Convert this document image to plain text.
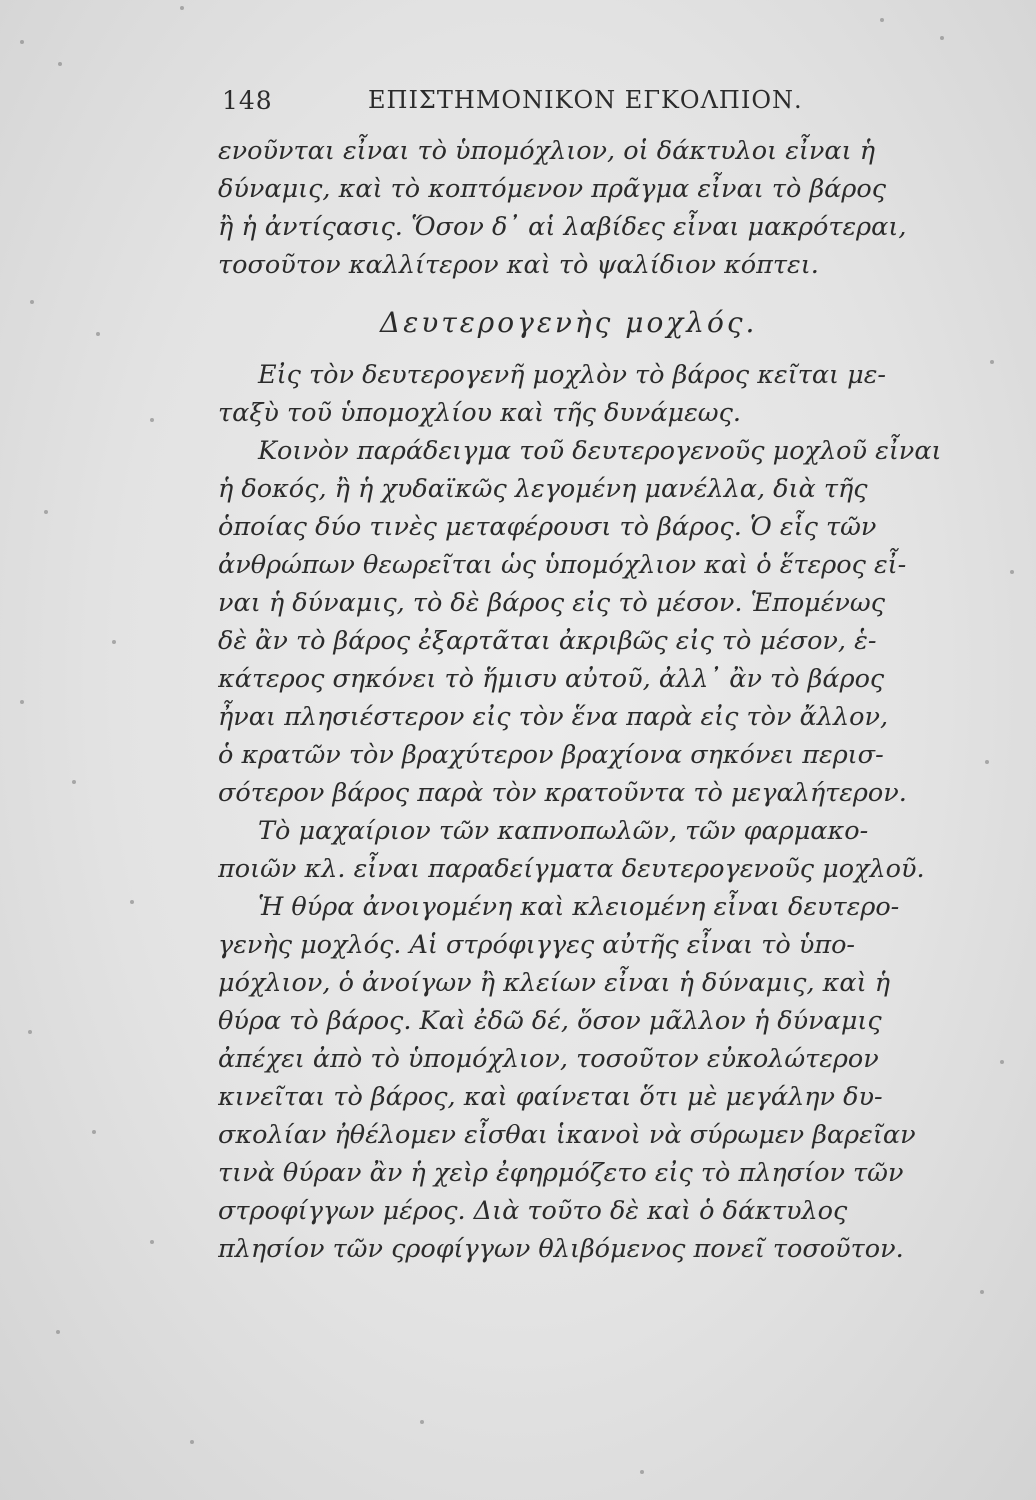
148	ΕΠΙΣΤΗΜΟΝΙΚΟΝ ΕΓΚΟΛΠΙΟΝ.
ενοῦνται εἶναι τὸ ὑπομόχλιον, οἱ δάκτυλοι εἶναι ἡ
δύναμις, καὶ τὸ κοπτόμενον πρᾶγμα εἶναι τὸ βάρος
ἢ ἡ ἀντίςασις. Ὅσον δ᾽ αἱ λαβίδες εἶναι μακρότεραι,
τοσοῦτον καλλίτερον καὶ τὸ ψαλίδιον κόπτει.
Δευτερογενὴς μοχλός.
Εἰς τὸν δευτερογενῆ μοχλὸν τὸ βάρος κεῖται με-
ταξὺ τοῦ ὑπομοχλίου καὶ τῆς δυνάμεως.
Κοινὸν παράδειγμα τοῦ δευτερογενοῦς μοχλοῦ εἶναι
ἡ δοκός, ἢ ἡ χυδαϊκῶς λεγομένη μανέλλα, διὰ τῆς
ὁποίας δύο τινὲς μεταφέρουσι τὸ βάρος. Ὁ εἷς τῶν
ἀνθρώπων θεωρεῖται ὡς ὑπομόχλιον καὶ ὁ ἕτερος εἶ-
ναι ἡ δύναμις, τὸ δὲ βάρος εἰς τὸ μέσον. Ἑπομένως
δὲ ἂν τὸ βάρος ἐξαρτᾶται ἀκριβῶς εἰς τὸ μέσον, ἑ-
κάτερος σηκόνει τὸ ἥμισυ αὐτοῦ, ἀλλ᾽ ἂν τὸ βάρος
ἦναι πλησιέστερον εἰς τὸν ἕνα παρὰ εἰς τὸν ἄλλον,
ὁ κρατῶν τὸν βραχύτερον βραχίονα σηκόνει περισ-
σότερον βάρος παρὰ τὸν κρατοῦντα τὸ μεγαλήτερον.
Τὸ μαχαίριον τῶν καπνοπωλῶν, τῶν φαρμακο-
ποιῶν κλ. εἶναι παραδείγματα δευτερογενοῦς μοχλοῦ.
Ἡ θύρα ἀνοιγομένη καὶ κλειομένη εἶναι δευτερο-
γενὴς μοχλός. Αἱ στρόφιγγες αὐτῆς εἶναι τὸ ὑπο-
μόχλιον, ὁ ἀνοίγων ἢ κλείων εἶναι ἡ δύναμις, καὶ ἡ
θύρα τὸ βάρος. Καὶ ἐδῶ δέ, ὅσον μᾶλλον ἡ δύναμις
ἀπέχει ἀπὸ τὸ ὑπομόχλιον, τοσοῦτον εὐκολώτερον
κινεῖται τὸ βάρος, καὶ φαίνεται ὅτι μὲ μεγάλην δυ-
σκολίαν ἠθέλομεν εἶσθαι ἱκανοὶ νὰ σύρωμεν βαρεῖαν
τινὰ θύραν ἂν ἡ χεὶρ ἐφηρμόζετο εἰς τὸ πλησίον τῶν
στροφίγγων μέρος. Διὰ τοῦτο δὲ καὶ ὁ δάκτυλος
πλησίον τῶν ςροφίγγων θλιβόμενος πονεῖ τοσοῦτον.
